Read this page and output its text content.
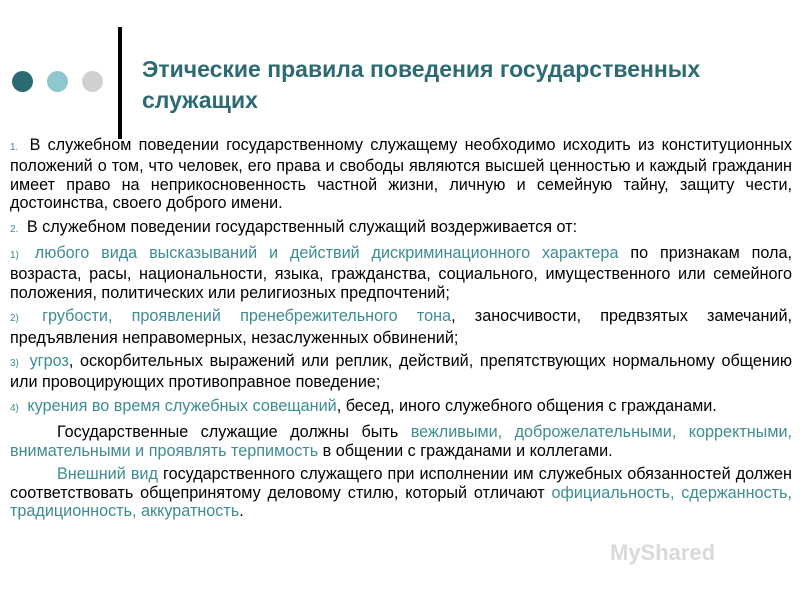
Этические правила поведения государственных служащих

1. В служебном поведении государственному служащему необходимо исходить из конституционных положений о том, что человек, его права и свободы являются высшей ценностью и каждый гражданин имеет право на неприкосновенность частной жизни, личную и семейную тайну, защиту чести, достоинства, своего доброго имени.

2. В служебном поведении государственный служащий воздерживается от:

1) любого вида высказываний и действий дискриминационного характера по признакам пола, возраста, расы, национальности, языка, гражданства, социального, имущественного или семейного положения, политических или религиозных предпочтений;

2) грубости, проявлений пренебрежительного тона, заносчивости, предвзятых замечаний, предъявления неправомерных, незаслуженных обвинений;

3) угроз, оскорбительных выражений или реплик, действий, препятствующих нормальному общению или провоцирующих противоправное поведение;

4) курения во время служебных совещаний, бесед, иного служебного общения с гражданами.

Государственные служащие должны быть вежливыми, доброжелательными, корректными, внимательными и проявлять терпимость в общении с гражданами и коллегами.

Внешний вид государственного служащего при исполнении им служебных обязанностей должен соответствовать общепринятому деловому стилю, который отличают официальность, сдержанность, традиционность, аккуратность.

MyShared
